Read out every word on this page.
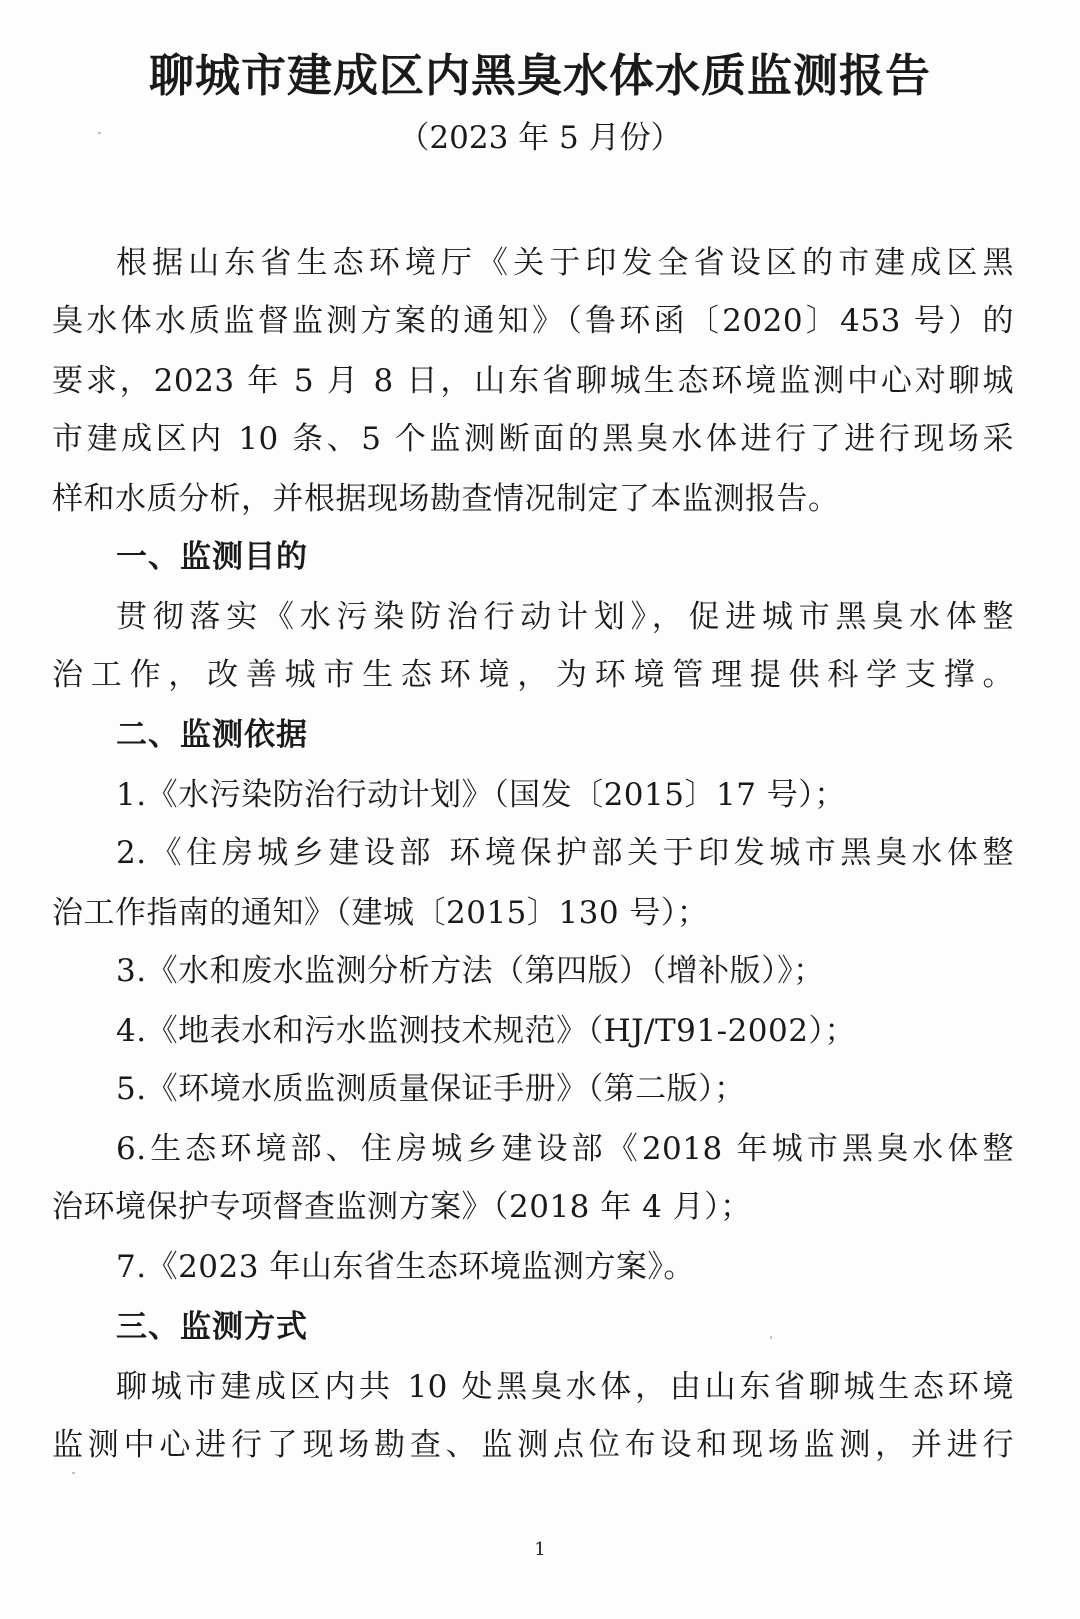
聊城市建成区内黑臭水体水质监测报告
（2023 年 5 月份）
根据山东省生态环境厅《关于印发全省设区的市建成区黑
臭水体水质监督监测方案的通知》（鲁环函〔2020〕453 号）的
要求，2023 年 5 月 8 日，山东省聊城生态环境监测中心对聊城
市建成区内 10 条、5 个监测断面的黑臭水体进行了进行现场采
样和水质分析，并根据现场勘查情况制定了本监测报告。
一、监测目的
贯彻落实《水污染防治行动计划》，促进城市黑臭水体整
治工作，改善城市生态环境，为环境管理提供科学支撑。
二、监测依据
1.《水污染防治行动计划》（国发〔2015〕17 号）；
2.《住房城乡建设部 环境保护部关于印发城市黑臭水体整
治工作指南的通知》（建城〔2015〕130 号）；
3.《水和废水监测分析方法（第四版）（增补版）》；
4.《地表水和污水监测技术规范》（HJ/T91-2002）；
5.《环境水质监测质量保证手册》（第二版）；
6.生态环境部、住房城乡建设部《2018 年城市黑臭水体整
治环境保护专项督查监测方案》（2018 年 4 月）；
7.《2023 年山东省生态环境监测方案》。
三、监测方式
聊城市建成区内共 10 处黑臭水体，由山东省聊城生态环境
监测中心进行了现场勘查、监测点位布设和现场监测，并进行
1
